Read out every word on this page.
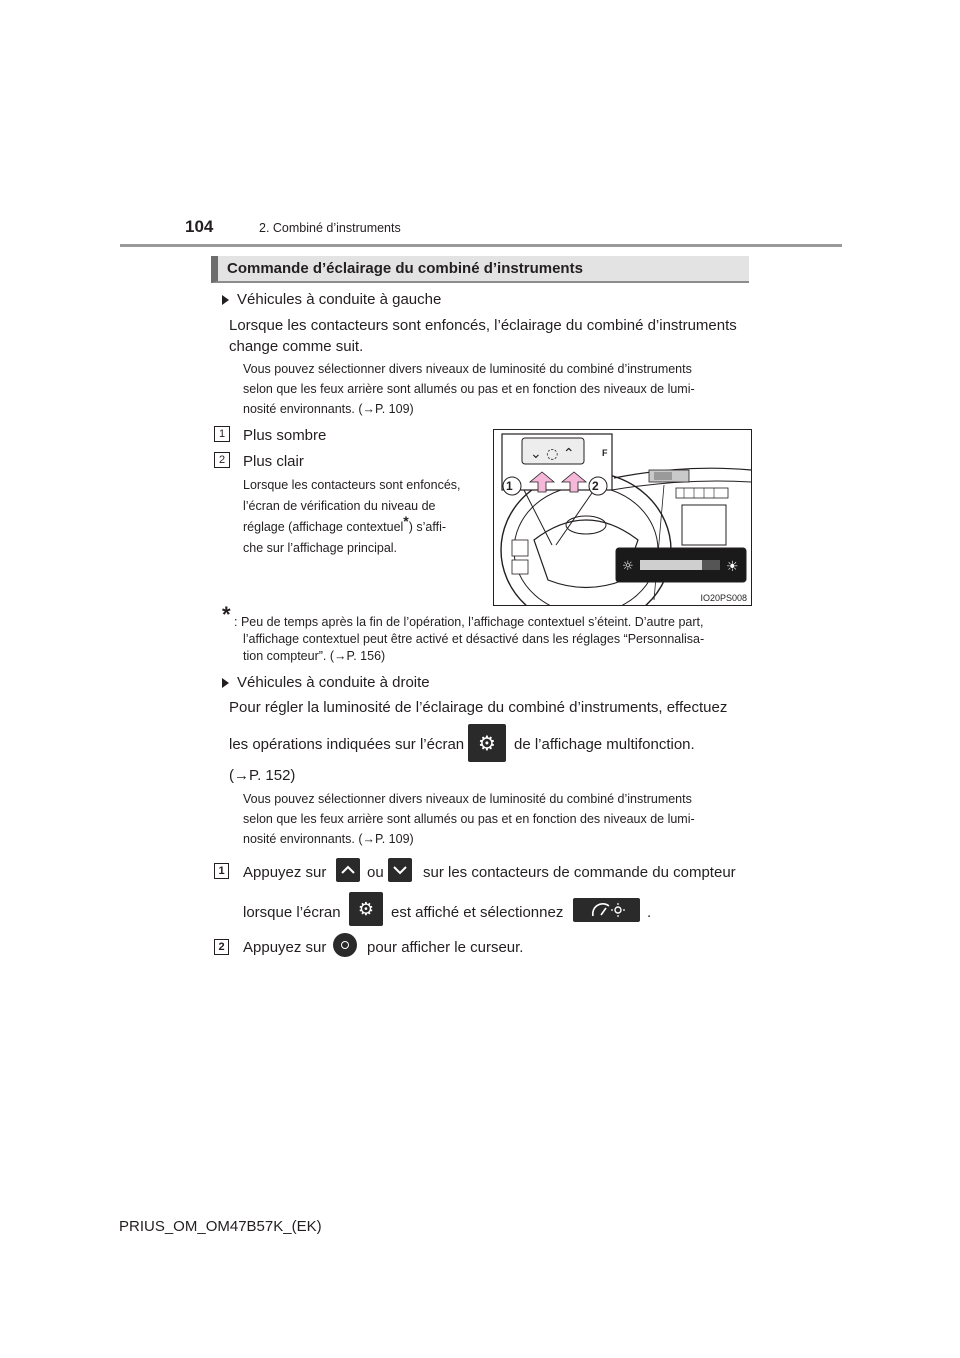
104	2. Combiné d’instruments
Commande d’éclairage du combiné d’instruments
Véhicules à conduite à gauche
Lorsque les contacteurs sont enfoncés, l’éclairage du combiné d’instruments
change comme suit.
Vous pouvez sélectionner divers niveaux de luminosité du combiné d’instruments
selon que les feux arrière sont allumés ou pas et en fonction des niveaux de lumi-
nosité environnants. (→P. 109)
1	Plus sombre
2	Plus clair
Lorsque les contacteurs sont enfoncés,
l’écran de vérification du niveau de
réglage (affichage contextuel*) s’affi-
che sur l’affichage principal.
⌄ ◌ ⌃	F
☼	☀
1	2
IO20PS008
* : Peu de temps après la fin de l’opération, l’affichage contextuel s’éteint. D’autre part,
l’affichage contextuel peut être activé et désactivé dans les réglages “Personnalisa-
tion compteur”. (→P. 156)
Véhicules à conduite à droite
Pour régler la luminosité de l’éclairage du combiné d’instruments, effectuez
les opérations indiquées sur l’écran ⚙ de l’affichage multifonction.
(→P. 152)
Vous pouvez sélectionner divers niveaux de luminosité du combiné d’instruments
selon que les feux arrière sont allumés ou pas et en fonction des niveaux de lumi-
nosité environnants. (→P. 109)
1 Appuyez sur	ou	sur les contacteurs de commande du compteur
lorsque l’écran ⚙ est affiché et sélectionnez	.
2 Appuyez sur	pour afficher le curseur.
PRIUS_OM_OM47B57K_(EK)
